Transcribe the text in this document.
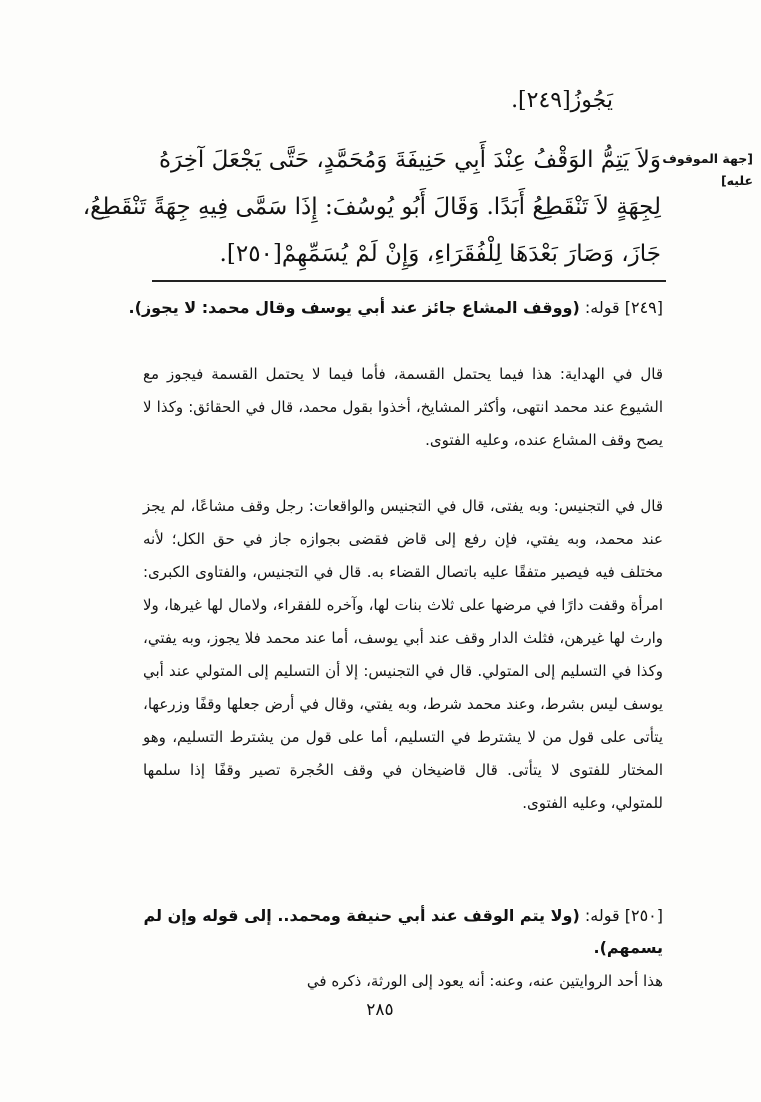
يَجُوزُ[٢٤٩].
وَلاَ يَتِمُّ الوَقْفُ عِنْدَ أَبِي حَنِيفَةَ وَمُحَمَّدٍ، حَتَّى يَجْعَلَ آخِرَهُ
لِجِهَةٍ لاَ تَنْقَطِعُ أَبَدًا. وَقَالَ أَبُو يُوسُفَ: إِذَا سَمَّى فِيهِ جِهَةً تَنْقَطِعُ،
جَازَ، وَصَارَ بَعْدَهَا لِلْفُقَرَاءِ، وَإِنْ لَمْ يُسَمِّهِمْ[٢٥٠].
[جهة الموقوف عليه]
[٢٤٩] قوله: (ووقف المشاع جائز عند أبي يوسف وقال محمد: لا يجوز).
قال في الهداية: هذا فيما يحتمل القسمة، فأما فيما لا يحتمل القسمة فيجوز مع الشيوع عند محمد انتهى، وأكثر المشايخ، أخذوا بقول محمد، قال في الحقائق: وكذا لا يصح وقف المشاع عنده، وعليه الفتوى.
قال في التجنيس: وبه يفتى، قال في التجنيس والواقعات: رجل وقف مشاعًا، لم يجز عند محمد، وبه يفتي، فإن رفع إلى قاض فقضى بجوازه جاز في حق الكل؛ لأنه مختلف فيه فيصير متفقًا عليه باتصال القضاء به. قال في التجنيس، والفتاوى الكبرى: امرأة وقفت دارًا في مرضها على ثلاث بنات لها، وآخره للفقراء، ولامال لها غيرها، ولا وارث لها غيرهن، فثلث الدار وقف عند أبي يوسف، أما عند محمد فلا يجوز، وبه يفتي، وكذا في التسليم إلى المتولي. قال في التجنيس: إلا أن التسليم إلى المتولي عند أبي يوسف ليس بشرط، وعند محمد شرط، وبه يفتي، وقال في أرض جعلها وقفًا وزرعها، يتأتى على قول من لا يشترط في التسليم، أما على قول من يشترط التسليم، وهو المختار للفتوى لا يتأتى. قال قاضيخان في وقف الحُجرة تصير وقفًا إذا سلمها للمتولي، وعليه الفتوى.
[٢٥٠] قوله: (ولا يتم الوقف عند أبي حنيفة ومحمد.. إلى قوله وإن لم يسمهم).
هذا أحد الروايتين عنه، وعنه: أنه يعود إلى الورثة، ذكره في
٢٨٥
